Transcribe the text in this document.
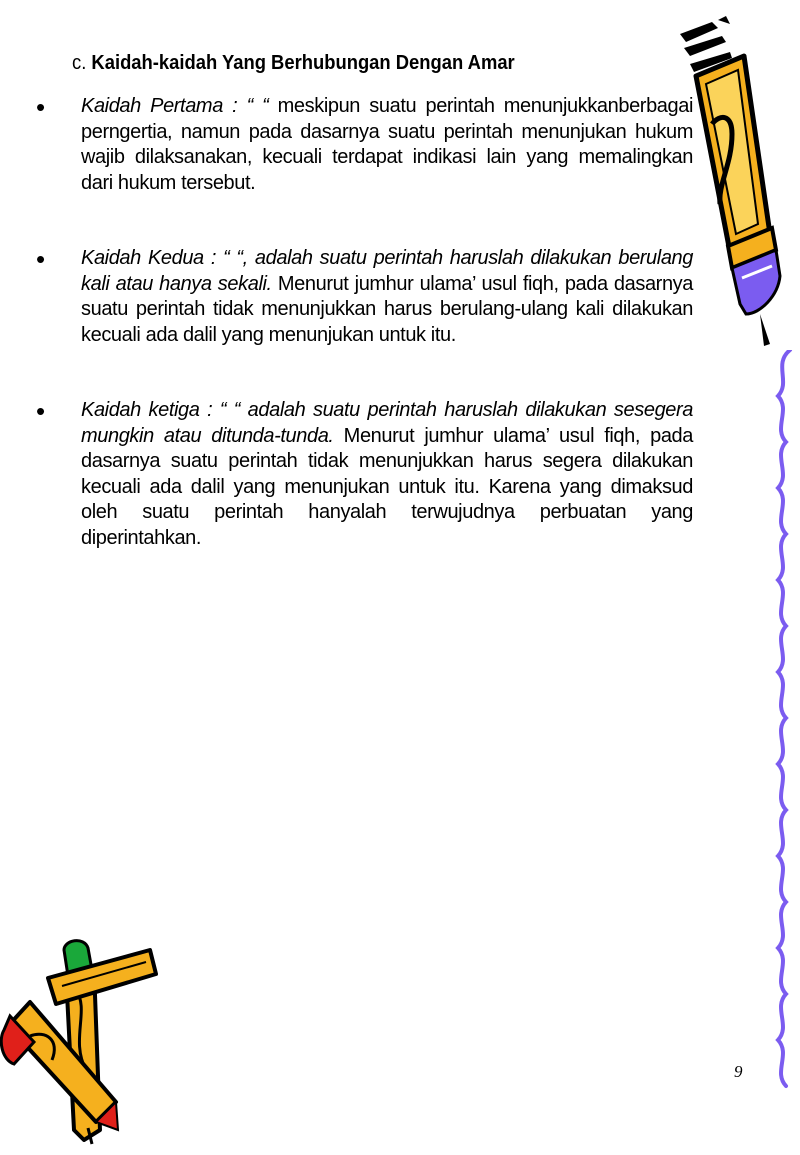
c. Kaidah-kaidah Yang Berhubungan Dengan Amar
• Kaidah Pertama : “ “ meskipun suatu perintah menunjukkanberbagai perngertia, namun pada dasarnya suatu perintah menunjukan hukum wajib dilaksanakan, kecuali terdapat indikasi lain yang memalingkan dari hukum tersebut.
• Kaidah Kedua : “ “, adalah suatu perintah haruslah dilakukan berulang kali atau hanya sekali. Menurut jumhur ulama’ usul fiqh, pada dasarnya suatu perintah tidak menunjukkan harus berulang-ulang kali dilakukan kecuali ada dalil yang menunjukan untuk itu.
• Kaidah ketiga : “ “ adalah suatu perintah haruslah dilakukan sesegera mungkin atau ditunda-tunda. Menurut jumhur ulama’ usul fiqh, pada dasarnya suatu perintah tidak menunjukkan harus segera dilakukan kecuali ada dalil yang menunjukan untuk itu. Karena yang dimaksud oleh suatu perintah hanyalah terwujudnya perbuatan yang diperintahkan.
9
